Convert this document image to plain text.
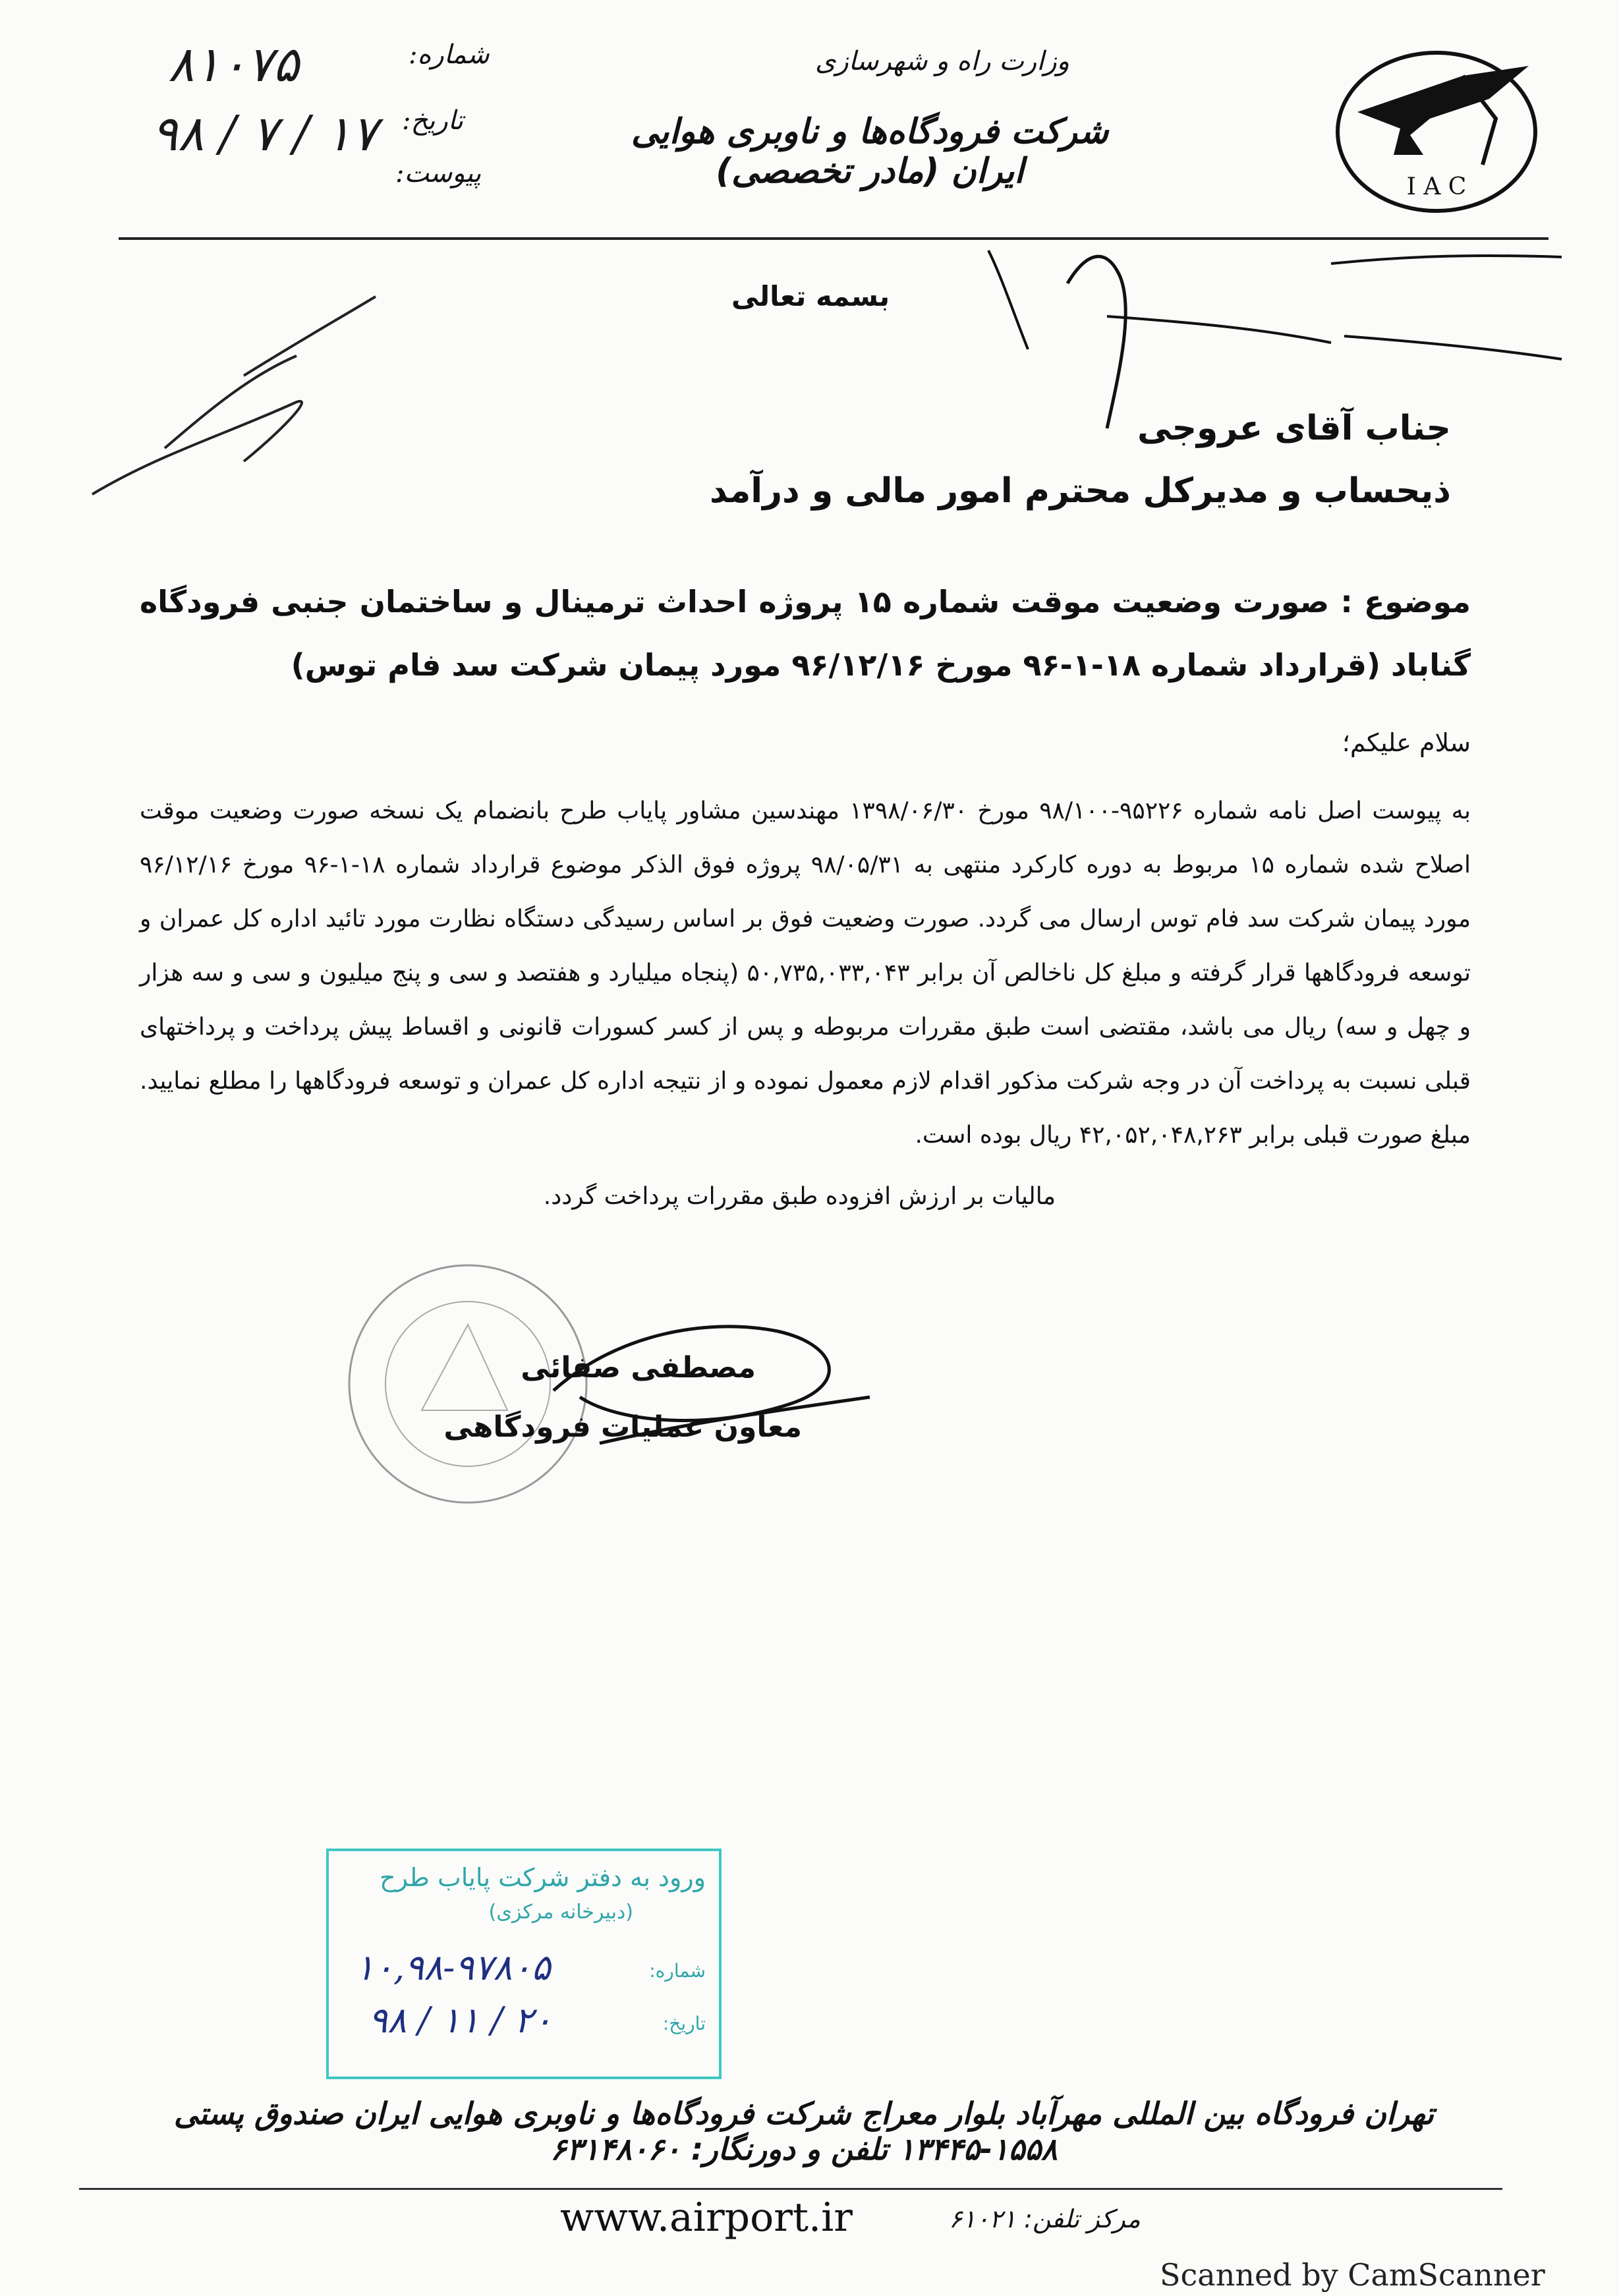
I A C
وزارت راه و شهرسازی
شرکت فرودگاه‌ها و ناوبری هوایی ایران (مادر تخصصی)
شماره:
تاریخ:
پیوست:
۸۱۰۷۵
۹۸ / ۷ / ۱۷
بسمه تعالی
جناب آقای عروجی
ذیحساب و مدیرکل محترم امور مالی و درآمد
موضوع : صورت وضعیت موقت شماره ۱۵ پروژه احداث ترمینال و ساختمان جنبی فرودگاه گناباد (قرارداد شماره ۱۸-۱-۹۶ مورخ ۹۶/۱۲/۱۶ مورد پیمان شرکت سد فام توس)
سلام علیکم؛
به پیوست اصل نامه شماره ۹۵۲۲۶-۹۸/۱۰۰ مورخ ۱۳۹۸/۰۶/۳۰ مهندسین مشاور پایاب طرح بانضمام یک نسخه صورت وضعیت موقت اصلاح شده شماره ۱۵ مربوط به دوره کارکرد منتهی به ۹۸/۰۵/۳۱ پروژه فوق الذکر موضوع قرارداد شماره ۱۸-۱-۹۶ مورخ ۹۶/۱۲/۱۶ مورد پیمان شرکت سد فام توس ارسال می گردد. صورت وضعیت فوق بر اساس رسیدگی دستگاه نظارت مورد تائید اداره کل عمران و توسعه فرودگاهها قرار گرفته و مبلغ کل ناخالص آن برابر ۵۰,۷۳۵,۰۳۳,۰۴۳ (پنجاه میلیارد و هفتصد و سی و پنج میلیون و سی و سه هزار و چهل و سه) ریال می باشد، مقتضی است طبق مقررات مربوطه و پس از کسر کسورات قانونی و اقساط پیش پرداخت و پرداختهای قبلی نسبت به پرداخت آن در وجه شرکت مذکور اقدام لازم معمول نموده و از نتیجه اداره کل عمران و توسعه فرودگاهها را مطلع نمایید. مبلغ صورت قبلی برابر ۴۲,۰۵۲,۰۴۸,۲۶۳ ریال بوده است.
مالیات بر ارزش افزوده طبق مقررات پرداخت گردد.
مصطفی صفائی
معاون عملیات فرودگاهی
ورود به دفتر شرکت پایاب طرح
(دبیرخانه مرکزی)
شماره:
تاریخ:
۱۰,۹۸-۹۷۸۰۵
۹۸ / ۱۱ / ۲۰
تهران فرودگاه بین المللی مهرآباد بلوار معراج شرکت فرودگاه‌ها و ناوبری هوایی ایران صندوق پستی ۱۵۵۸-۱۳۴۴۵ تلفن و دورنگار: ۶۳۱۴۸۰۶۰
www.airport.ir	مرکز تلفن: ۶۱۰۲۱
Scanned by CamScanner
